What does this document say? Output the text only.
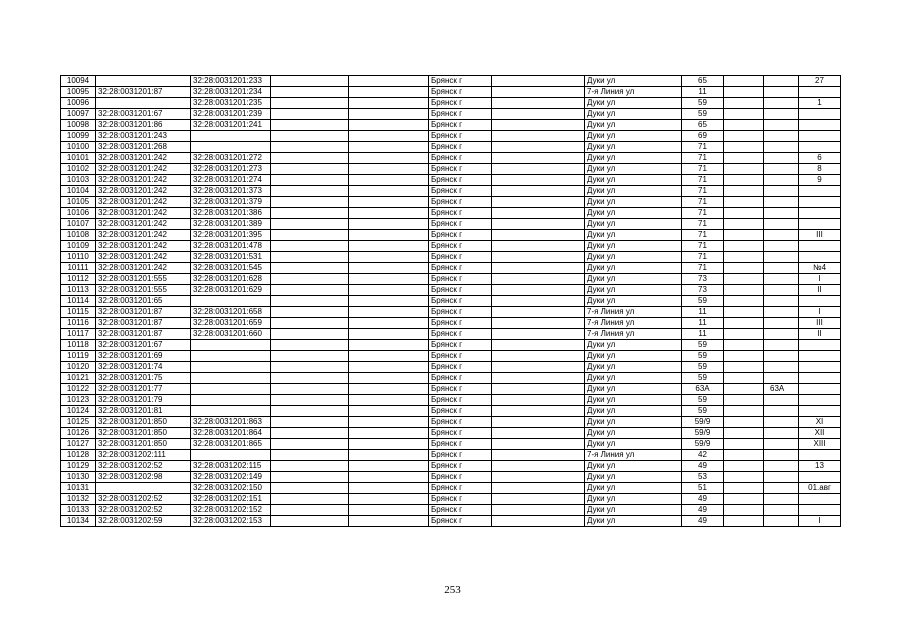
10094		32:28:0031201:233			Брянск г		Дуки ул	65			27
10095	32:28:0031201:87	32:28:0031201:234			Брянск г		7-я Линия ул	11			
10096		32:28:0031201:235			Брянск г		Дуки ул	59			1
10097	32:28:0031201:67	32:28:0031201:239			Брянск г		Дуки ул	59			
10098	32:28:0031201:86	32:28:0031201:241			Брянск г		Дуки ул	65			
10099	32:28:0031201:243				Брянск г		Дуки ул	69			
10100	32:28:0031201:268				Брянск г		Дуки ул	71			
10101	32:28:0031201:242	32:28:0031201:272			Брянск г		Дуки ул	71			6
10102	32:28:0031201:242	32:28:0031201:273			Брянск г		Дуки ул	71			8
10103	32:28:0031201:242	32:28:0031201:274			Брянск г		Дуки ул	71			9
10104	32:28:0031201:242	32:28:0031201:373			Брянск г		Дуки ул	71			
10105	32:28:0031201:242	32:28:0031201:379			Брянск г		Дуки ул	71			
10106	32:28:0031201:242	32:28:0031201:386			Брянск г		Дуки ул	71			
10107	32:28:0031201:242	32:28:0031201:389			Брянск г		Дуки ул	71			
10108	32:28:0031201:242	32:28:0031201:395			Брянск г		Дуки ул	71			III
10109	32:28:0031201:242	32:28:0031201:478			Брянск г		Дуки ул	71			
10110	32:28:0031201:242	32:28:0031201:531			Брянск г		Дуки ул	71			
10111	32:28:0031201:242	32:28:0031201:545			Брянск г		Дуки ул	71			№4
10112	32:28:0031201:555	32:28:0031201:628			Брянск г		Дуки ул	73			I
10113	32:28:0031201:555	32:28:0031201:629			Брянск г		Дуки ул	73			II
10114	32:28:0031201:65				Брянск г		Дуки ул	59			
10115	32:28:0031201:87	32:28:0031201:658			Брянск г		7-я Линия ул	11			I
10116	32:28:0031201:87	32:28:0031201:659			Брянск г		7-я Линия ул	11			III
10117	32:28:0031201:87	32:28:0031201:660			Брянск г		7-я Линия ул	11			II
10118	32:28:0031201:67				Брянск г		Дуки ул	59			
10119	32:28:0031201:69				Брянск г		Дуки ул	59			
10120	32:28:0031201:74				Брянск г		Дуки ул	59			
10121	32:28:0031201:75				Брянск г		Дуки ул	59			
10122	32:28:0031201:77				Брянск г		Дуки ул	63А		63А	
10123	32:28:0031201:79				Брянск г		Дуки ул	59			
10124	32:28:0031201:81				Брянск г		Дуки ул	59			
10125	32:28:0031201:850	32:28:0031201:863			Брянск г		Дуки ул	59/9			XI
10126	32:28:0031201:850	32:28:0031201:864			Брянск г		Дуки ул	59/9			XII
10127	32:28:0031201:850	32:28:0031201:865			Брянск г		Дуки ул	59/9			XIII
10128	32:28:0031202:111				Брянск г		7-я Линия ул	42			
10129	32:28:0031202:52	32:28:0031202:115			Брянск г		Дуки ул	49			13
10130	32:28:0031202:98	32:28:0031202:149			Брянск г		Дуки ул	53			
10131		32:28:0031202:150			Брянск г		Дуки ул	51			01.авг
10132	32:28:0031202:52	32:28:0031202:151			Брянск г		Дуки ул	49			
10133	32:28:0031202:52	32:28:0031202:152			Брянск г		Дуки ул	49			
10134	32:28:0031202:59	32:28:0031202:153			Брянск г		Дуки ул	49			I
253
